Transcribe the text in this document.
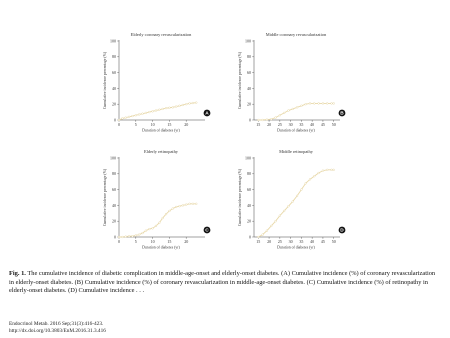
Elderly coronary revascularization
0
20
40
60
80
100
0	5	10	15	20
Duration of diabetes (yr)
Cumulative incidence percentage (%)
A
Middle coronary revascularization
0
20
40
60
80
100
15 20 25 30 35 40 45 50
Duration of diabetes (yr)
Cumulative incidence percentage (%)
B
Elderly retinopathy
0
20
40
60
80
100
0	5	10	15	20
Duration of diabetes (yr)
Cumulative incidence percentage (%)
C
Middle retinopathy
0
20
40
60
80
100
15 20 25 30 35 40 45 50
Duration of diabetes (yr)
Cumulative incidence percentage (%)
D
Fig. 1. The cumulative incidence of diabetic complication in middle-age-onset and elderly-onset diabetes. (A) Cumulative incidence (%) of coronary revascularization in elderly-onset diabetes. (B) Cumulative incidence (%) of coronary revascularization in middle-age-onset diabetes. (C) Cumulative incidence (%) of retinopathy in elderly-onset diabetes. (D) Cumulative incidence . . .
Endocrinol Metab. 2016 Sep;31(3):416-423.
http://dx.doi.org/10.3803/EnM.2016.31.3.416
